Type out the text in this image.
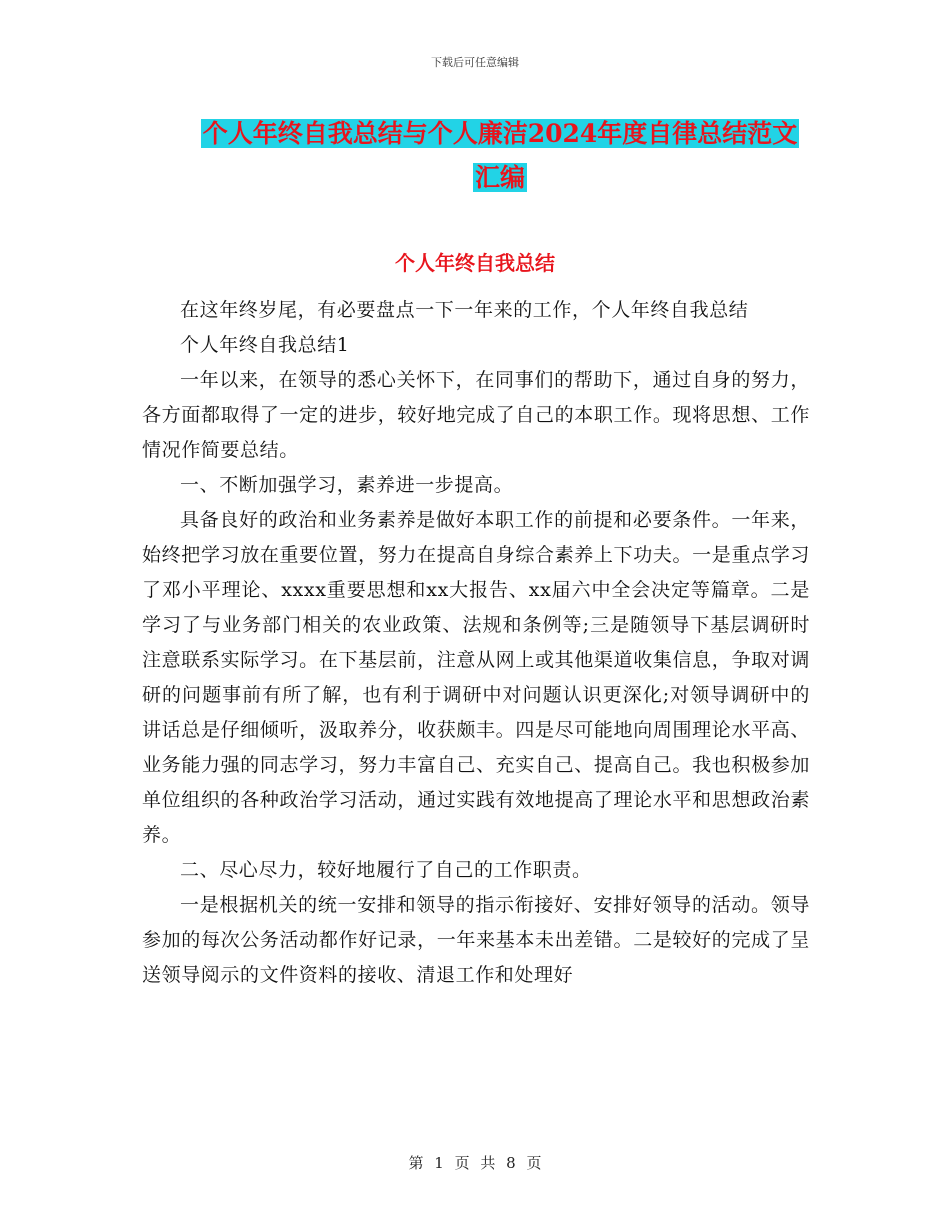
下载后可任意编辑
个人年终自我总结与个人廉洁2024年度自律总结范文
汇编
个人年终自我总结

在这年终岁尾，有必要盘点一下一年来的工作，个人年终自我总结

个人年终自我总结1

一年以来，在领导的悉心关怀下，在同事们的帮助下，通过自身的努力，各方面都取得了一定的进步，较好地完成了自己的本职工作。现将思想、工作情况作简要总结。

一、不断加强学习，素养进一步提高。

具备良好的政治和业务素养是做好本职工作的前提和必要条件。一年来，始终把学习放在重要位置，努力在提高自身综合素养上下功夫。一是重点学习了邓小平理论、xxxx重要思想和xx大报告、xx届六中全会决定等篇章。二是学习了与业务部门相关的农业政策、法规和条例等;三是随领导下基层调研时注意联系实际学习。在下基层前，注意从网上或其他渠道收集信息，争取对调研的问题事前有所了解，也有利于调研中对问题认识更深化;对领导调研中的讲话总是仔细倾听，汲取养分，收获颇丰。四是尽可能地向周围理论水平高、业务能力强的同志学习，努力丰富自己、充实自己、提高自己。我也积极参加单位组织的各种政治学习活动，通过实践有效地提高了理论水平和思想政治素养。

二、尽心尽力，较好地履行了自己的工作职责。

一是根据机关的统一安排和领导的指示衔接好、安排好领导的活动。领导参加的每次公务活动都作好记录，一年来基本未出差错。二是较好的完成了呈送领导阅示的文件资料的接收、清退工作和处理好

第 1 页 共 8 页
